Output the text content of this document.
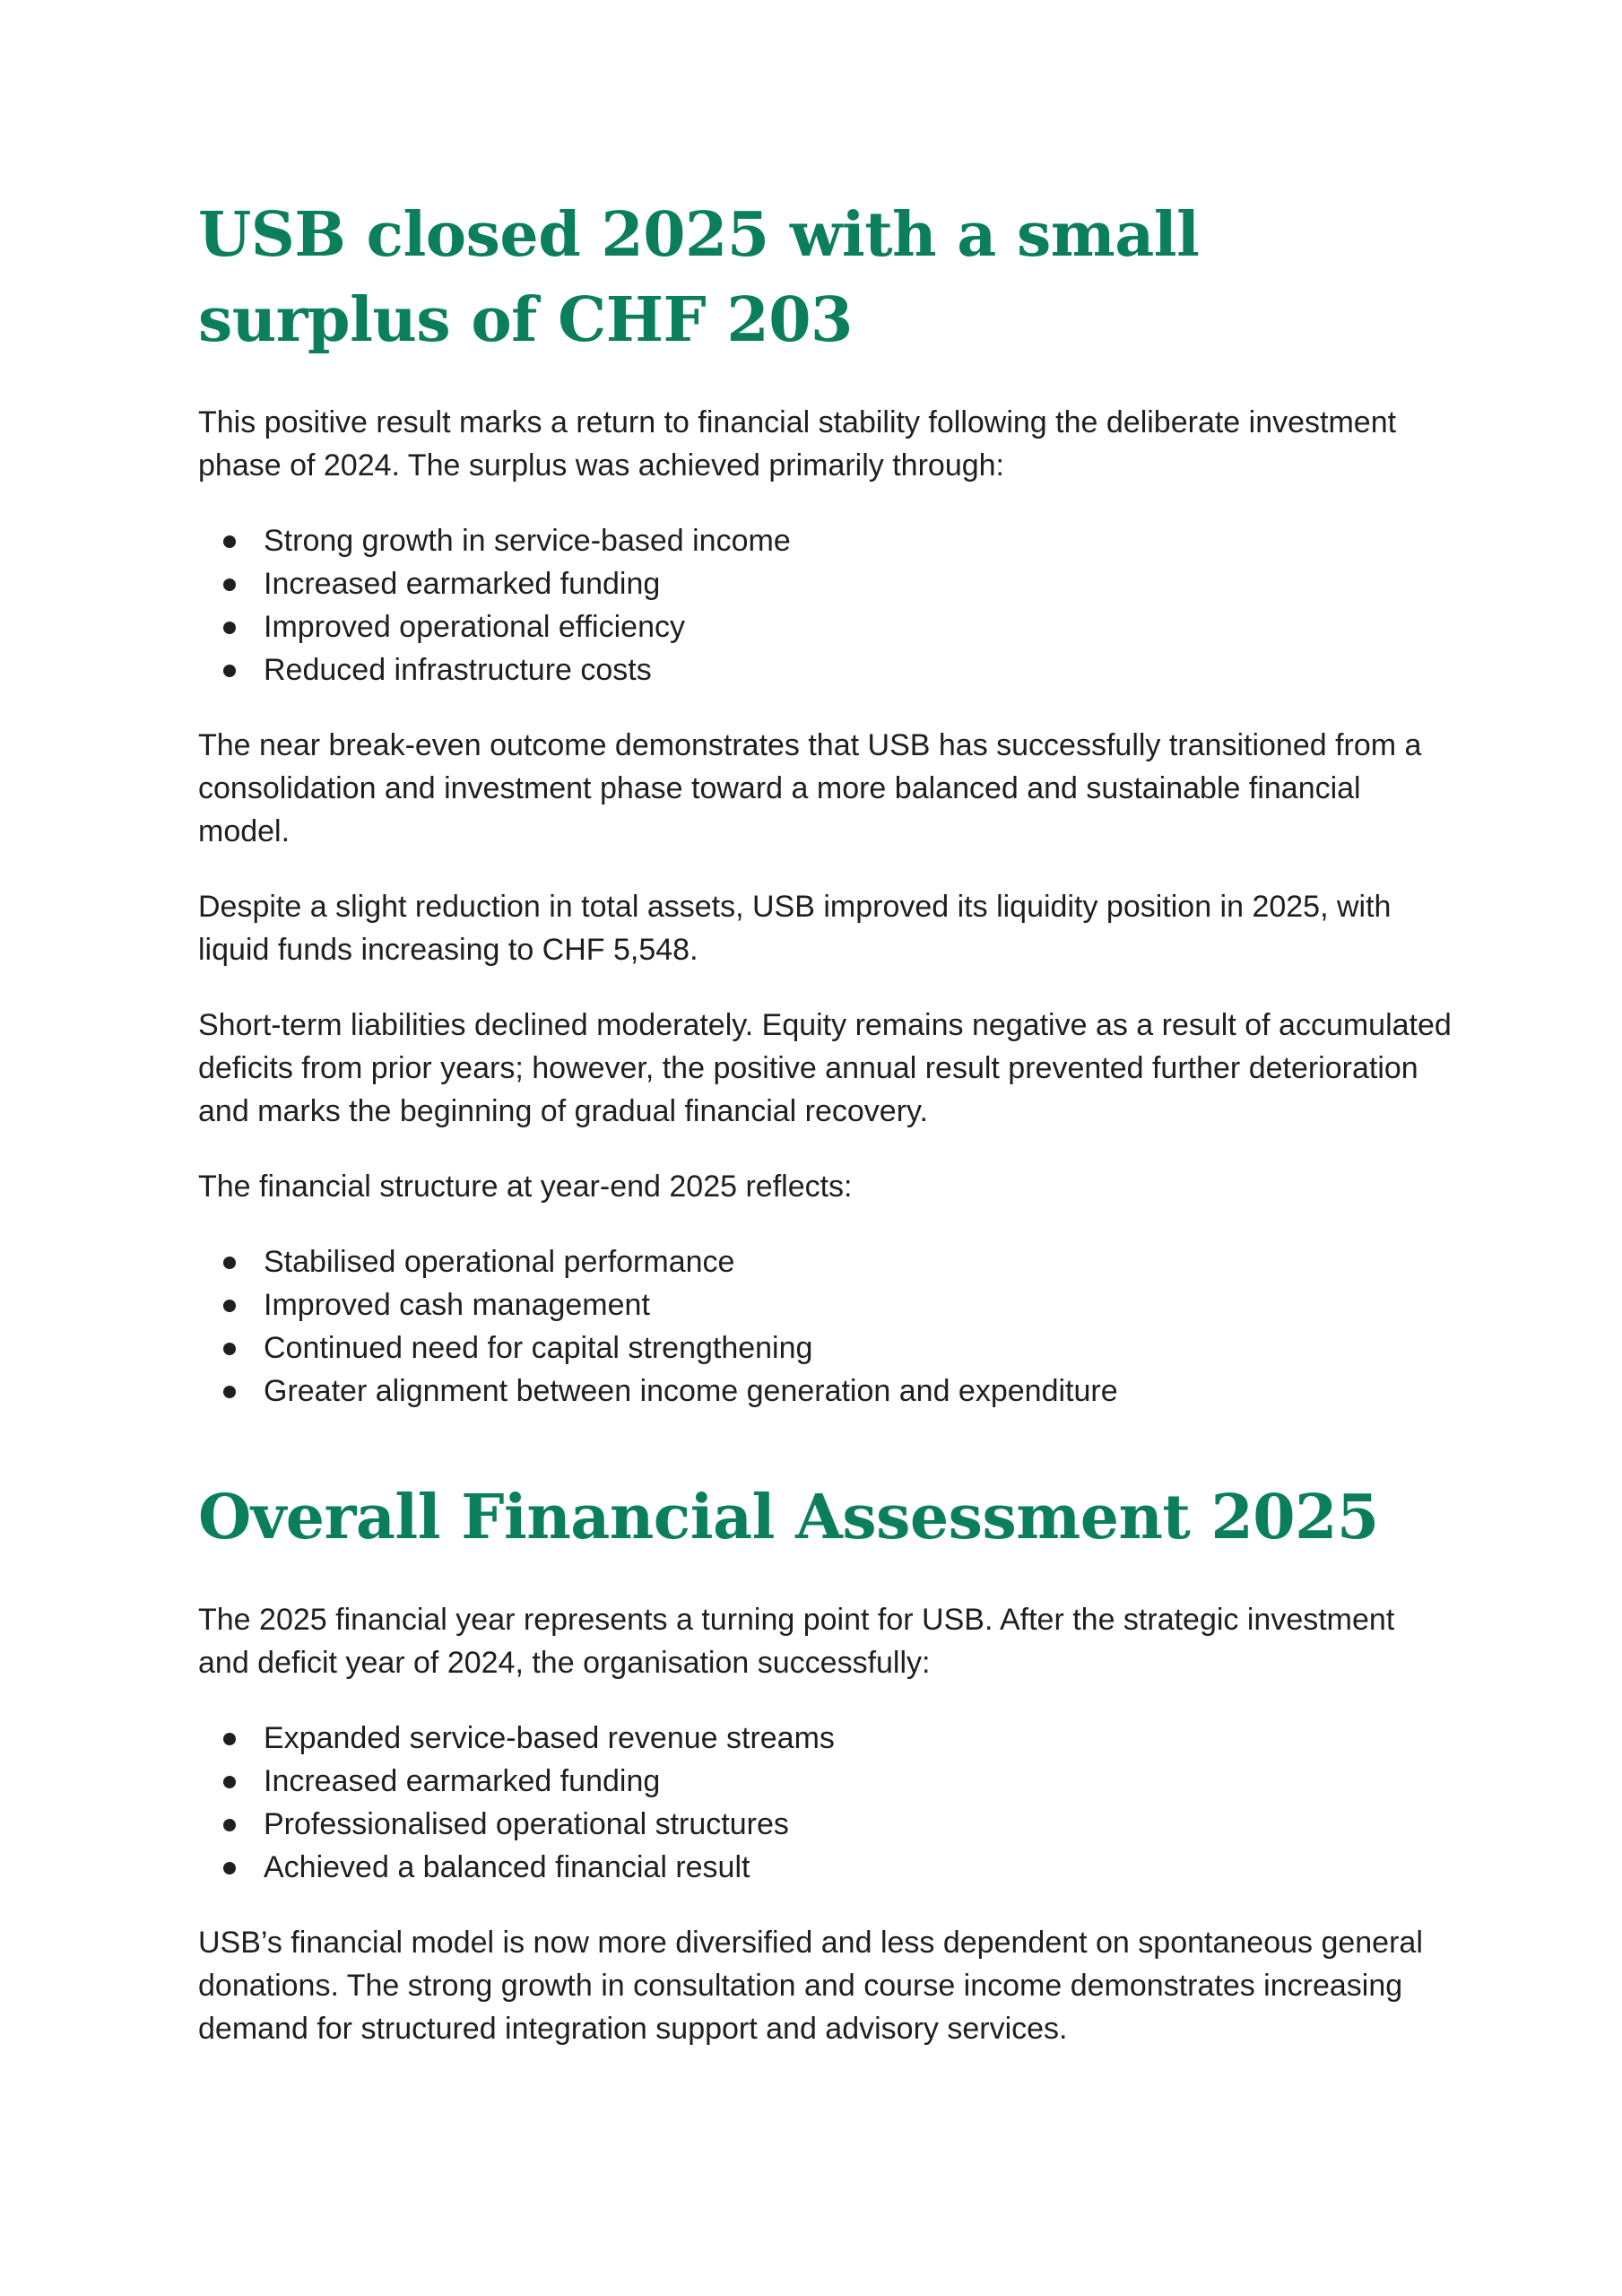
USB closed 2025 with a small surplus of CHF 203

This positive result marks a return to financial stability following the deliberate investment phase of 2024. The surplus was achieved primarily through:

Strong growth in service-based income
Increased earmarked funding
Improved operational efficiency
Reduced infrastructure costs

The near break-even outcome demonstrates that USB has successfully transitioned from a consolidation and investment phase toward a more balanced and sustainable financial model.

Despite a slight reduction in total assets, USB improved its liquidity position in 2025, with liquid funds increasing to CHF 5,548.

Short-term liabilities declined moderately. Equity remains negative as a result of accumulated deficits from prior years; however, the positive annual result prevented further deterioration and marks the beginning of gradual financial recovery.

The financial structure at year-end 2025 reflects:

Stabilised operational performance
Improved cash management
Continued need for capital strengthening
Greater alignment between income generation and expenditure
Overall Financial Assessment 2025

The 2025 financial year represents a turning point for USB. After the strategic investment and deficit year of 2024, the organisation successfully:

Expanded service-based revenue streams
Increased earmarked funding
Professionalised operational structures
Achieved a balanced financial result

USB’s financial model is now more diversified and less dependent on spontaneous general donations. The strong growth in consultation and course income demonstrates increasing demand for structured integration support and advisory services.
